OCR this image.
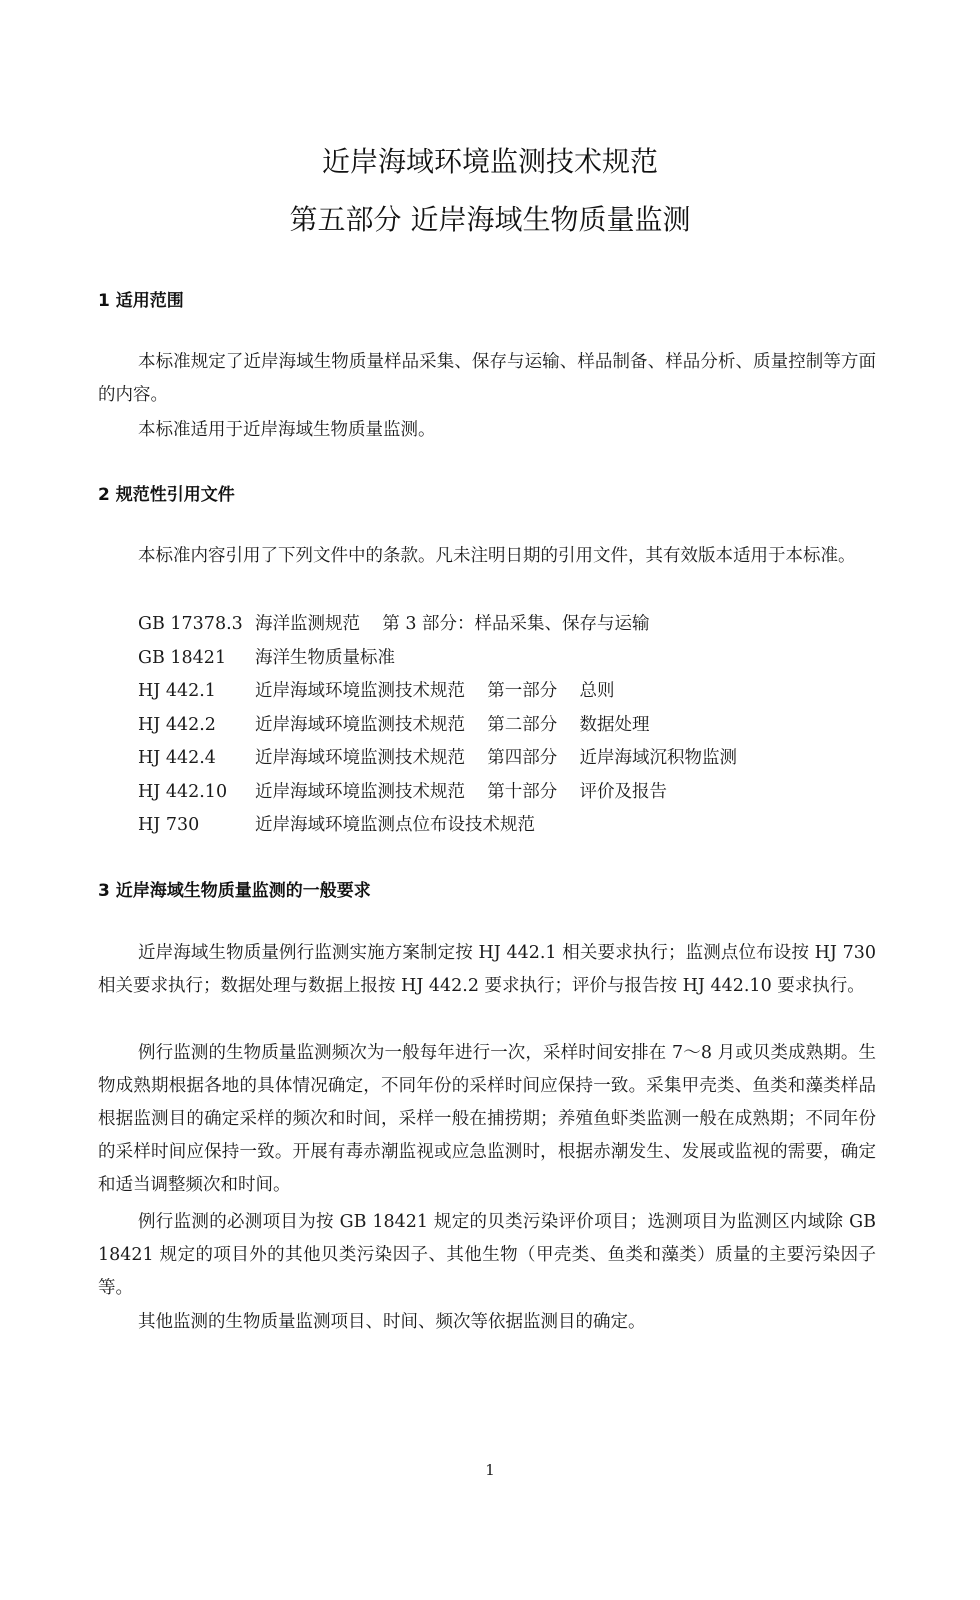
近岸海域环境监测技术规范
第五部分 近岸海域生物质量监测
1 适用范围

本标准规定了近岸海域生物质量样品采集、保存与运输、样品制备、样品分析、质量控制等方面的内容。

本标准适用于近岸海域生物质量监测。

2 规范性引用文件

本标准内容引用了下列文件中的条款。凡未注明日期的引用文件，其有效版本适用于本标准。

GB 17378.3 海洋监测规范    第 3 部分：样品采集、保存与运输
GB 18421 海洋生物质量标准
HJ 442.1 近岸海域环境监测技术规范    第一部分    总则
HJ 442.2 近岸海域环境监测技术规范    第二部分    数据处理
HJ 442.4 近岸海域环境监测技术规范    第四部分    近岸海域沉积物监测
HJ 442.10 近岸海域环境监测技术规范    第十部分    评价及报告
HJ 730	近岸海域环境监测点位布设技术规范
3 近岸海域生物质量监测的一般要求

近岸海域生物质量例行监测实施方案制定按 HJ 442.1 相关要求执行；监测点位布设按 HJ 730 相关要求执行；数据处理与数据上报按 HJ 442.2 要求执行；评价与报告按 HJ 442.10 要求执行。

例行监测的生物质量监测频次为一般每年进行一次，采样时间安排在 7～8 月或贝类成熟期。生物成熟期根据各地的具体情况确定，不同年份的采样时间应保持一致。采集甲壳类、鱼类和藻类样品根据监测目的确定采样的频次和时间，采样一般在捕捞期；养殖鱼虾类监测一般在成熟期；不同年份的采样时间应保持一致。开展有毒赤潮监视或应急监测时，根据赤潮发生、发展或监视的需要，确定和适当调整频次和时间。

例行监测的必测项目为按 GB 18421 规定的贝类污染评价项目；选测项目为监测区内域除 GB 18421 规定的项目外的其他贝类污染因子、其他生物（甲壳类、鱼类和藻类）质量的主要污染因子等。

其他监测的生物质量监测项目、时间、频次等依据监测目的确定。

1
